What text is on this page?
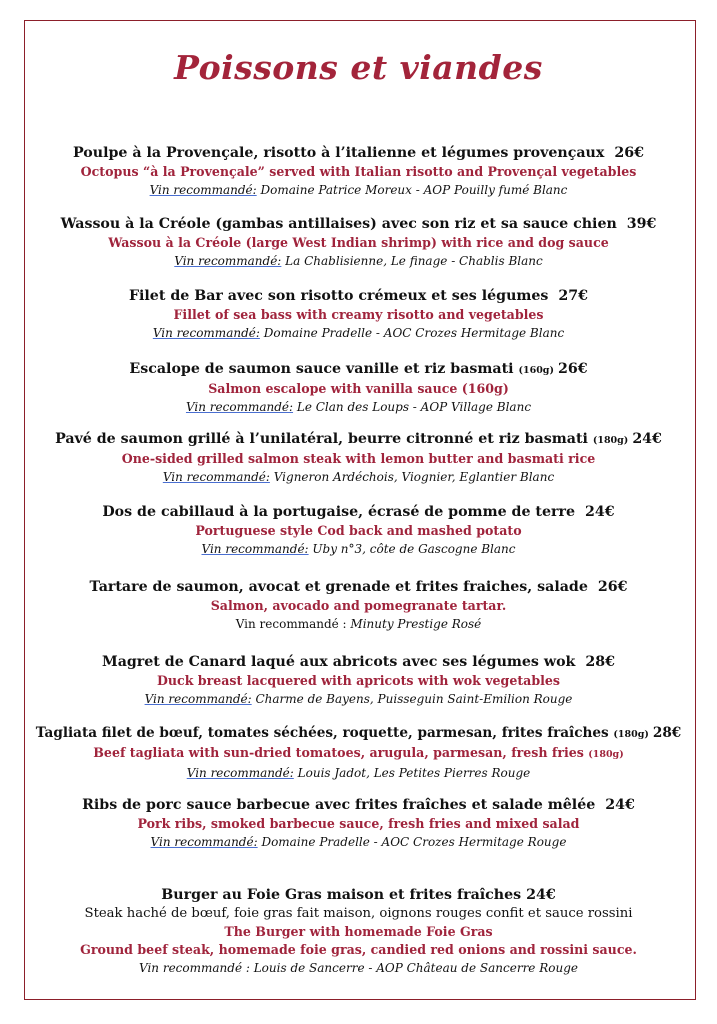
Poissons et viandes
Poulpe à la Provençale, risotto à l’italienne et légumes provençaux 26€
Octopus “à la Provençale” served with Italian risotto and Provençal vegetables
Vin recommandé: Domaine Patrice Moreux - AOP Pouilly fumé Blanc
Wassou à la Créole (gambas antillaises) avec son riz et sa sauce chien 39€
Wassou à la Créole (large West Indian shrimp) with rice and dog sauce
Vin recommandé: La Chablisienne, Le finage - Chablis Blanc
Filet de Bar avec son risotto crémeux et ses légumes 27€
Fillet of sea bass with creamy risotto and vegetables
Vin recommandé: Domaine Pradelle - AOC Crozes Hermitage Blanc
Escalope de saumon sauce vanille et riz basmati (160g) 26€
Salmon escalope with vanilla sauce (160g)
Vin recommandé: Le Clan des Loups - AOP Village Blanc
Pavé de saumon grillé à l’unilatéral, beurre citronné et riz basmati (180g) 24€
One-sided grilled salmon steak with lemon butter and basmati rice
Vin recommandé: Vigneron Ardéchois, Viognier, Eglantier Blanc
Dos de cabillaud à la portugaise, écrasé de pomme de terre 24€
Portuguese style Cod back and mashed potato
Vin recommandé: Uby n°3, côte de Gascogne Blanc
Tartare de saumon, avocat et grenade et frites fraiches, salade 26€
Salmon, avocado and pomegranate tartar.
Vin recommandé : Minuty Prestige Rosé
Magret de Canard laqué aux abricots avec ses légumes wok 28€
Duck breast lacquered with apricots with wok vegetables
Vin recommandé: Charme de Bayens, Puisseguin Saint-Emilion Rouge
Tagliata filet de bœuf, tomates séchées, roquette, parmesan, frites fraîches (180g) 28€
Beef tagliata with sun-dried tomatoes, arugula, parmesan, fresh fries (180g)
Vin recommandé: Louis Jadot, Les Petites Pierres Rouge
Ribs de porc sauce barbecue avec frites fraîches et salade mêlée 24€
Pork ribs, smoked barbecue sauce, fresh fries and mixed salad
Vin recommandé: Domaine Pradelle - AOC Crozes Hermitage Rouge
Burger au Foie Gras maison et frites fraîches 24€
Steak haché de bœuf, foie gras fait maison, oignons rouges confit et sauce rossini
The Burger with homemade Foie Gras
Ground beef steak, homemade foie gras, candied red onions and rossini sauce.
Vin recommandé : Louis de Sancerre - AOP Château de Sancerre Rouge
